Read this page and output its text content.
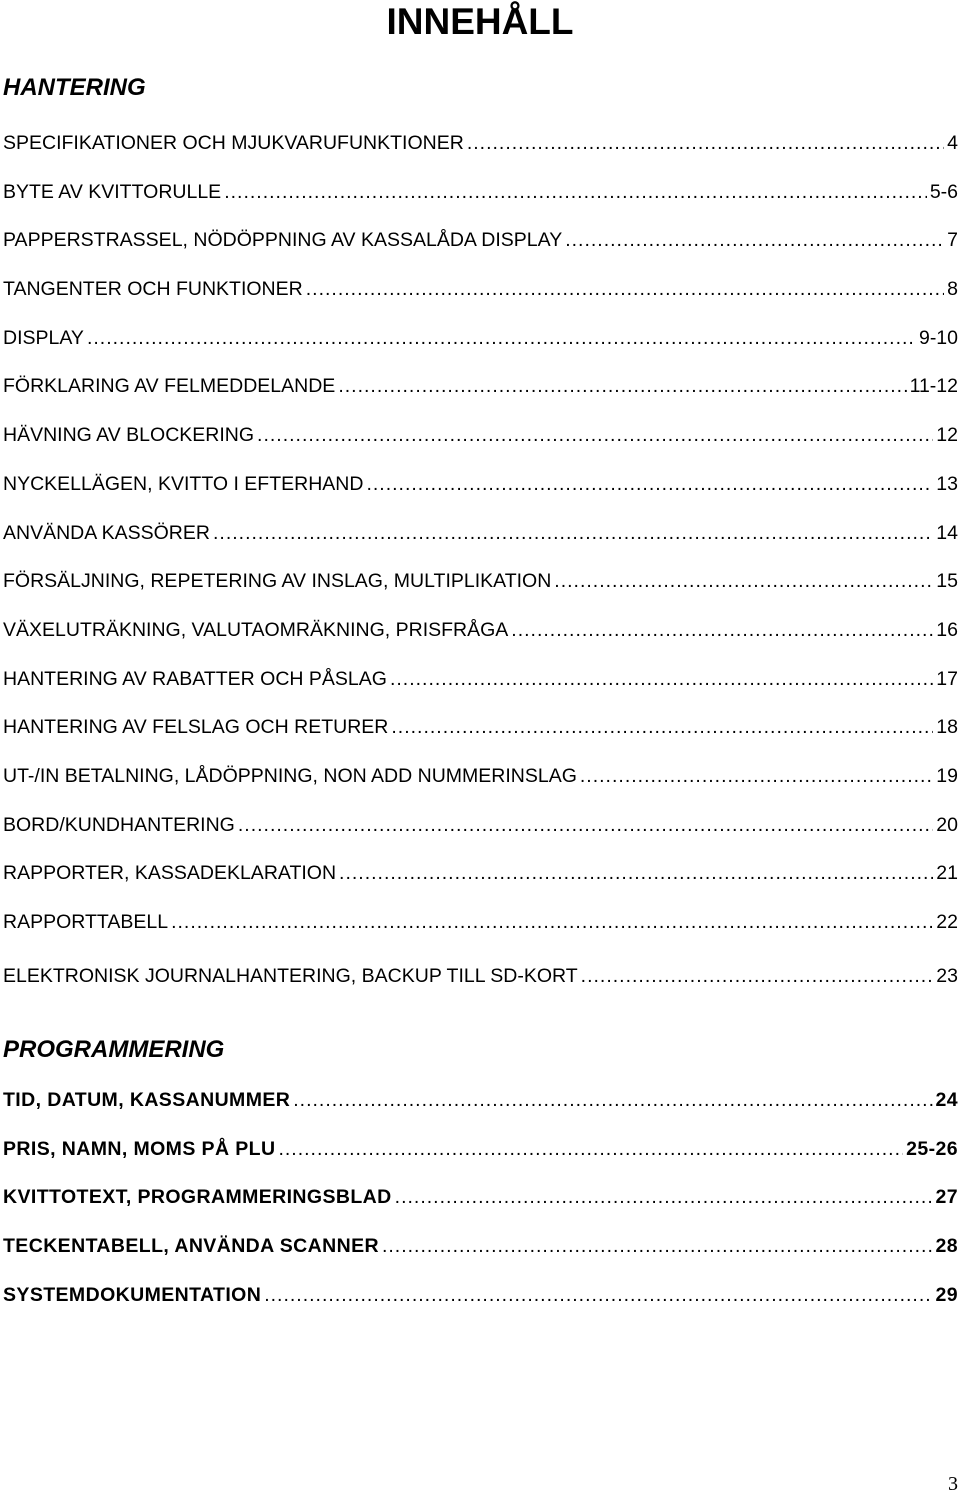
INNEHÅLL
HANTERING
SPECIFIKATIONER OCH MJUKVARUFUNKTIONER .....	4
BYTE AV KVITTORULLE .....	5-6
PAPPERSTRASSEL, NÖDÖPPNING AV KASSALÅDA DISPLAY .....	7
TANGENTER OCH FUNKTIONER .....	8
DISPLAY .....	9-10
FÖRKLARING AV FELMEDDELANDE .....	11-12
HÄVNING AV BLOCKERING .....	12
NYCKELLÄGEN, KVITTO I EFTERHAND .....	13
ANVÄNDA KASSÖRER .....	14
FÖRSÄLJNING, REPETERING AV INSLAG, MULTIPLIKATION .....	15
VÄXELUTRÄKNING, VALUTAOMRÄKNING, PRISFRÅGA .....	16
HANTERING AV RABATTER OCH PÅSLAG .....	17
HANTERING AV FELSLAG OCH RETURER .....	18
UT-/IN BETALNING, LÅDÖPPNING, NON ADD NUMMERINSLAG .....	19
BORD/KUNDHANTERING .....	20
RAPPORTER, KASSADEKLARATION .....	21
RAPPORTTABELL .....	22
ELEKTRONISK JOURNALHANTERING, BACKUP TILL SD-KORT .....	23
PROGRAMMERING
TID, DATUM, KASSANUMMER .....	24
PRIS, NAMN, MOMS PÅ PLU .....	25-26
KVITTOTEXT, PROGRAMMERINGSBLAD .....	27
TECKENTABELL, ANVÄNDA SCANNER .....	28
SYSTEMDOKUMENTATION .....	29
3
